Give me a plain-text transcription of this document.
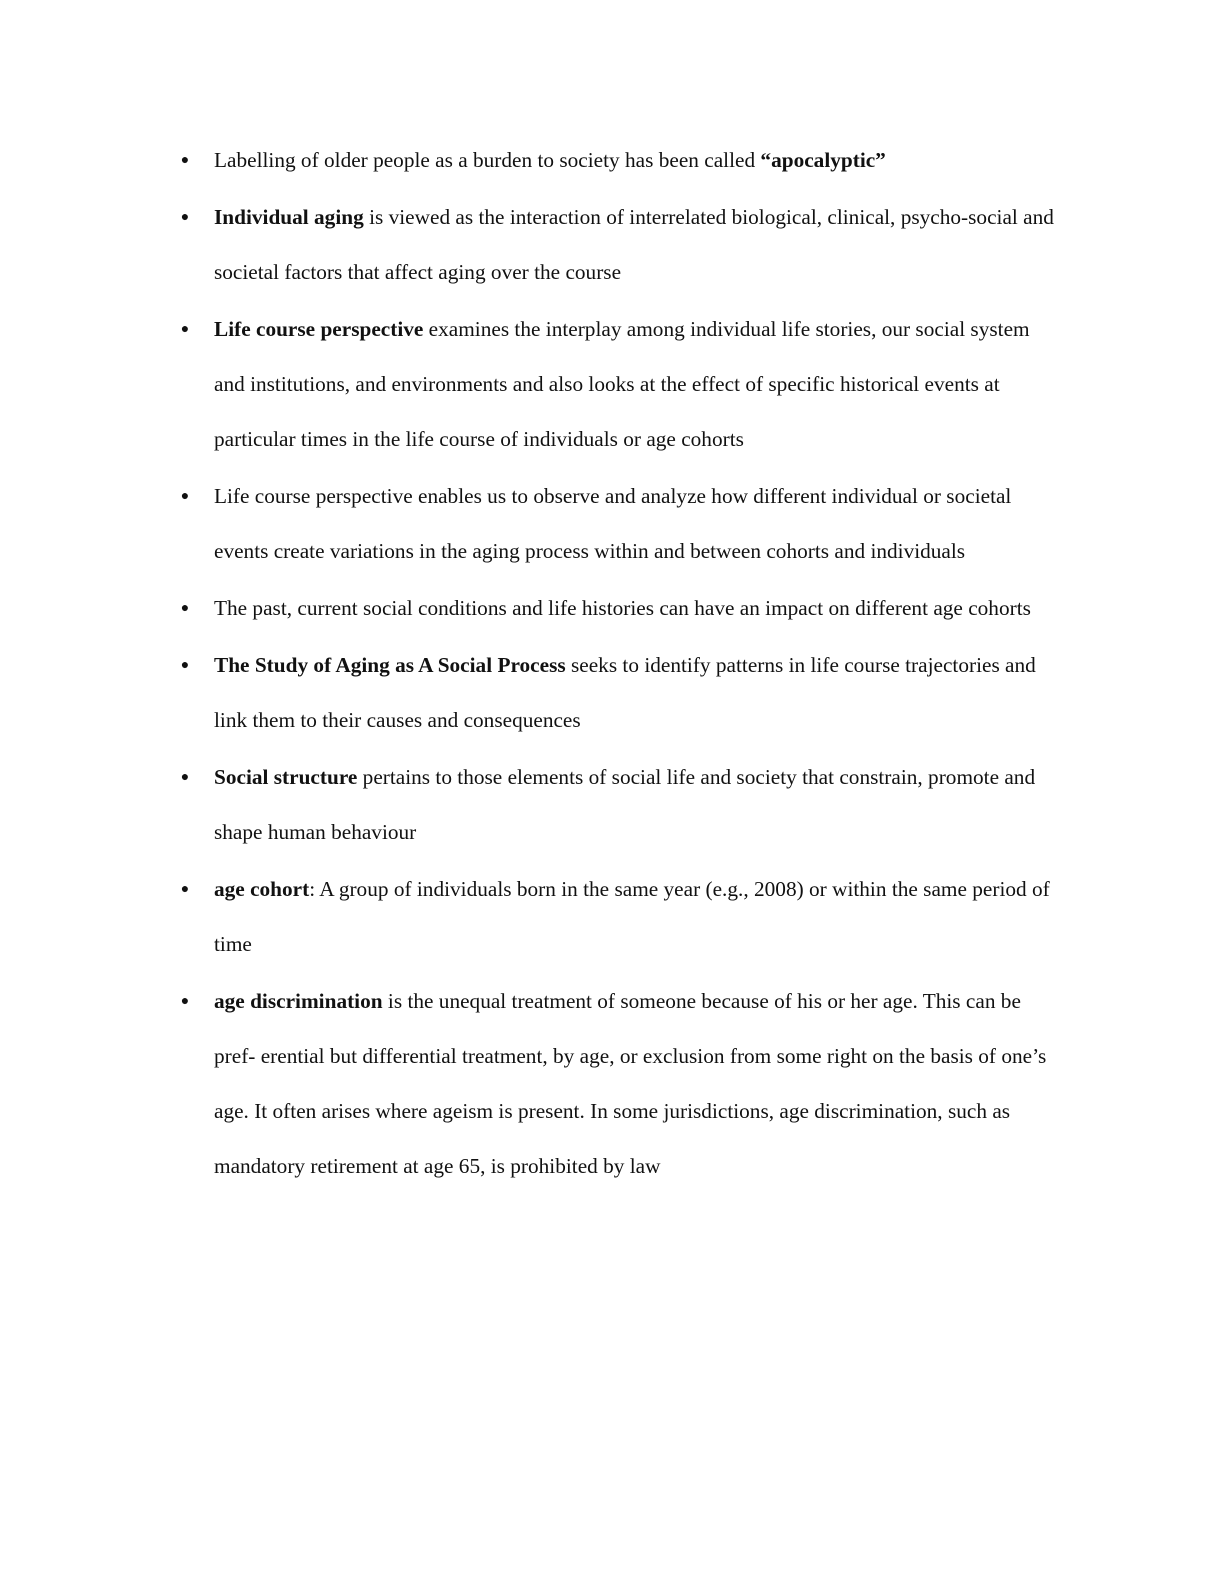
● Labelling of older people as a burden to society has been called “apocalyptic”
● Individual aging is viewed as the interaction of interrelated biological, clinical, psycho-social and societal factors that affect aging over the course
● Life course perspective examines the interplay among individual life stories, our social system and institutions, and environments and also looks at the effect of specific historical events at particular times in the life course of individuals or age cohorts
● Life course perspective enables us to observe and analyze how different individual or societal events create variations in the aging process within and between cohorts and individuals
● The past, current social conditions and life histories can have an impact on different age cohorts
● The Study of Aging as A Social Process seeks to identify patterns in life course trajectories and link them to their causes and consequences
● Social structure pertains to those elements of social life and society that constrain, promote and shape human behaviour
● age cohort: A group of individuals born in the same year (e.g., 2008) or within the same period of time
● age discrimination is the unequal treatment of someone because of his or her age. This can be pref- erential but differential treatment, by age, or exclusion from some right on the basis of one’s age. It often arises where ageism is present. In some jurisdictions, age discrimination, such as mandatory retirement at age 65, is prohibited by law
